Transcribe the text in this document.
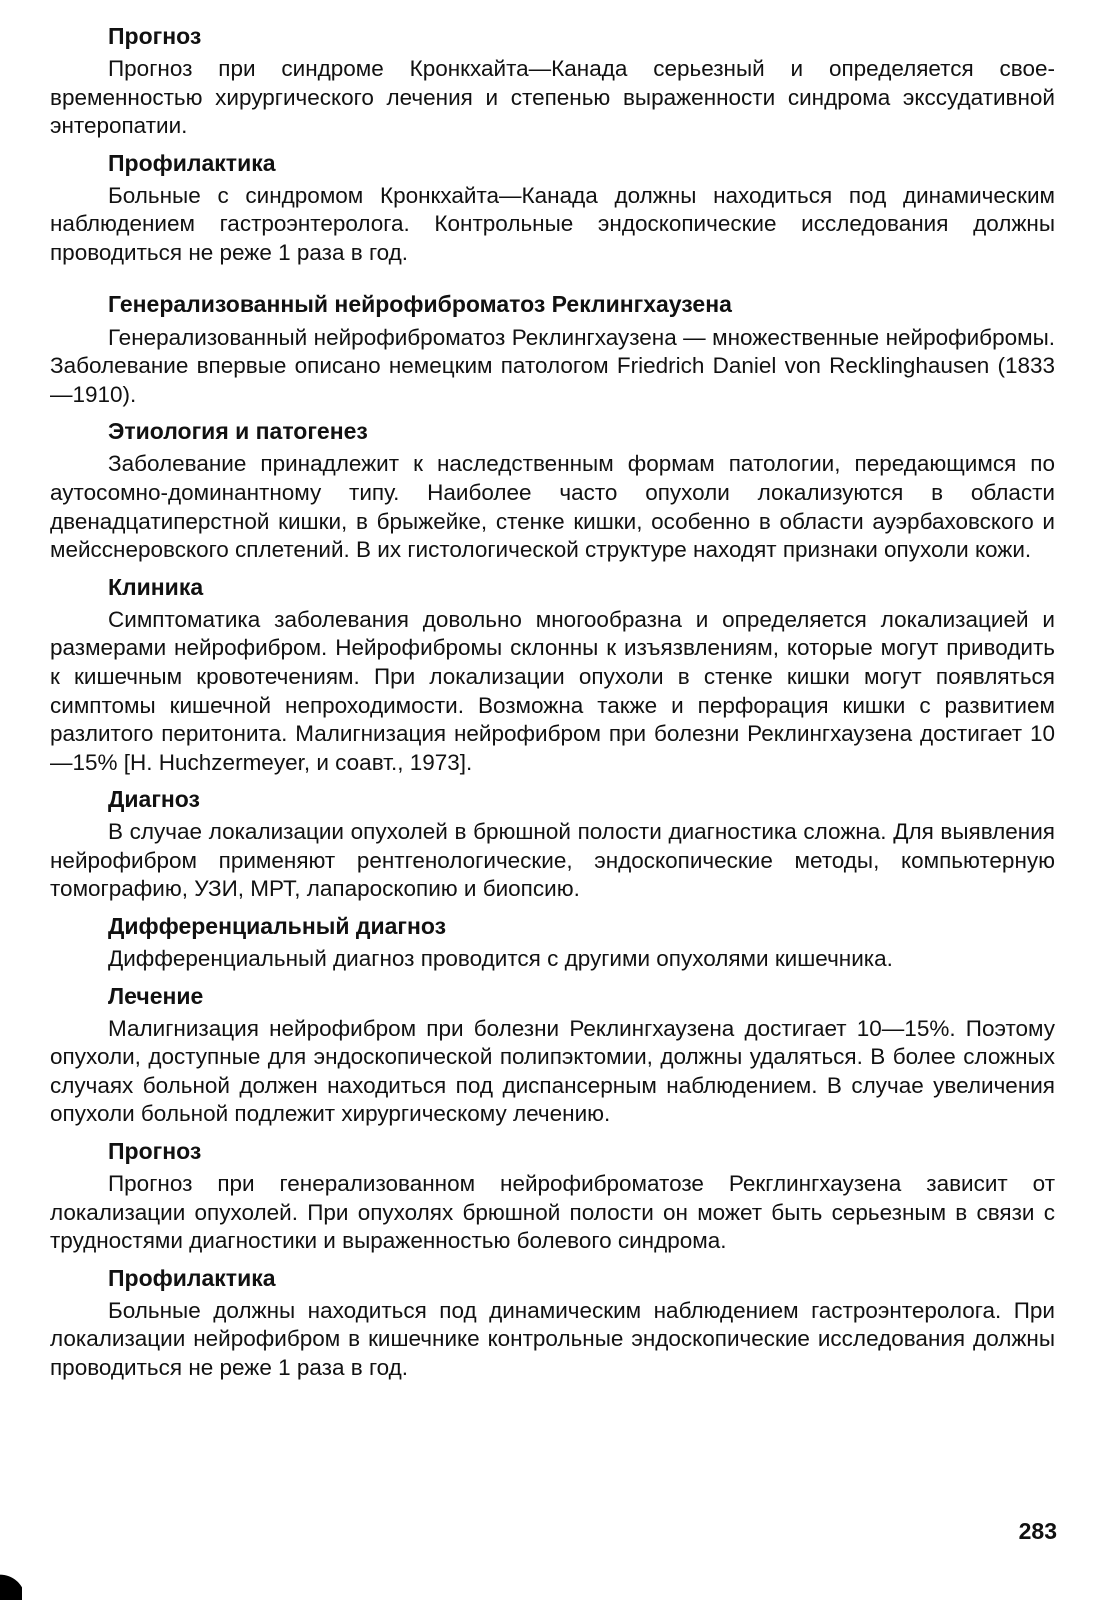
Прогноз

Прогноз при синдроме Кронкхайта—Канада серьезный и определяется своевременностью хирургического лечения и степенью выраженности синдрома экссудативной энтеропатии.

Профилактика

Больные с синдромом Кронкхайта—Канада должны находиться под динамическим наблюдением гастроэнтеролога. Контрольные эндоскопические исследования должны проводиться не реже 1 раза в год.

Генерализованный нейрофиброматоз Реклингхаузена

Генерализованный нейрофиброматоз Реклингхаузена — множественные нейрофибромы. Заболевание впервые описано немецким патологом Friedrich Daniel von Recklinghausen (1833—1910).

Этиология и патогенез

Заболевание принадлежит к наследственным формам патологии, передающимся по аутосомно-доминантному типу. Наиболее часто опухоли локализуются в области двенадцатиперстной кишки, в брыжейке, стенке кишки, особенно в области ауэрбаховского и мейсснеровского сплетений. В их гистологической структуре находят признаки опухоли кожи.

Клиника

Симптоматика заболевания довольно многообразна и определяется локализацией и размерами нейрофибром. Нейрофибромы склонны к изъязвлениям, которые могут приводить к кишечным кровотечениям. При локализации опухоли в стенке кишки могут появляться симптомы кишечной непроходимости. Возможна также и перфорация кишки с развитием разлитого перитонита. Малигнизация нейрофибром при болезни Реклингхаузена достигает 10—15% [H. Huchzermeyer, и соавт., 1973].

Диагноз

В случае локализации опухолей в брюшной полости диагностика сложна. Для выявления нейрофибром применяют рентгенологические, эндоскопические методы, компьютерную томографию, УЗИ, МРТ, лапароскопию и биопсию.

Дифференциальный диагноз

Дифференциальный диагноз проводится с другими опухолями кишечника.

Лечение

Малигнизация нейрофибром при болезни Реклингхаузена достигает 10—15%. Поэтому опухоли, доступные для эндоскопической полипэктомии, должны удаляться. В более сложных случаях больной должен находиться под диспансерным наблюдением. В случае увеличения опухоли больной подлежит хирургическому лечению.

Прогноз

Прогноз при генерализованном нейрофиброматозе Рекглингхаузена зависит от локализации опухолей. При опухолях брюшной полости он может быть серьезным в связи с трудностями диагностики и выраженностью болевого синдрома.

Профилактика

Больные должны находиться под динамическим наблюдением гастроэнтеролога. При локализации нейрофибром в кишечнике контрольные эндоскопические исследования должны проводиться не реже 1 раза в год.

283
